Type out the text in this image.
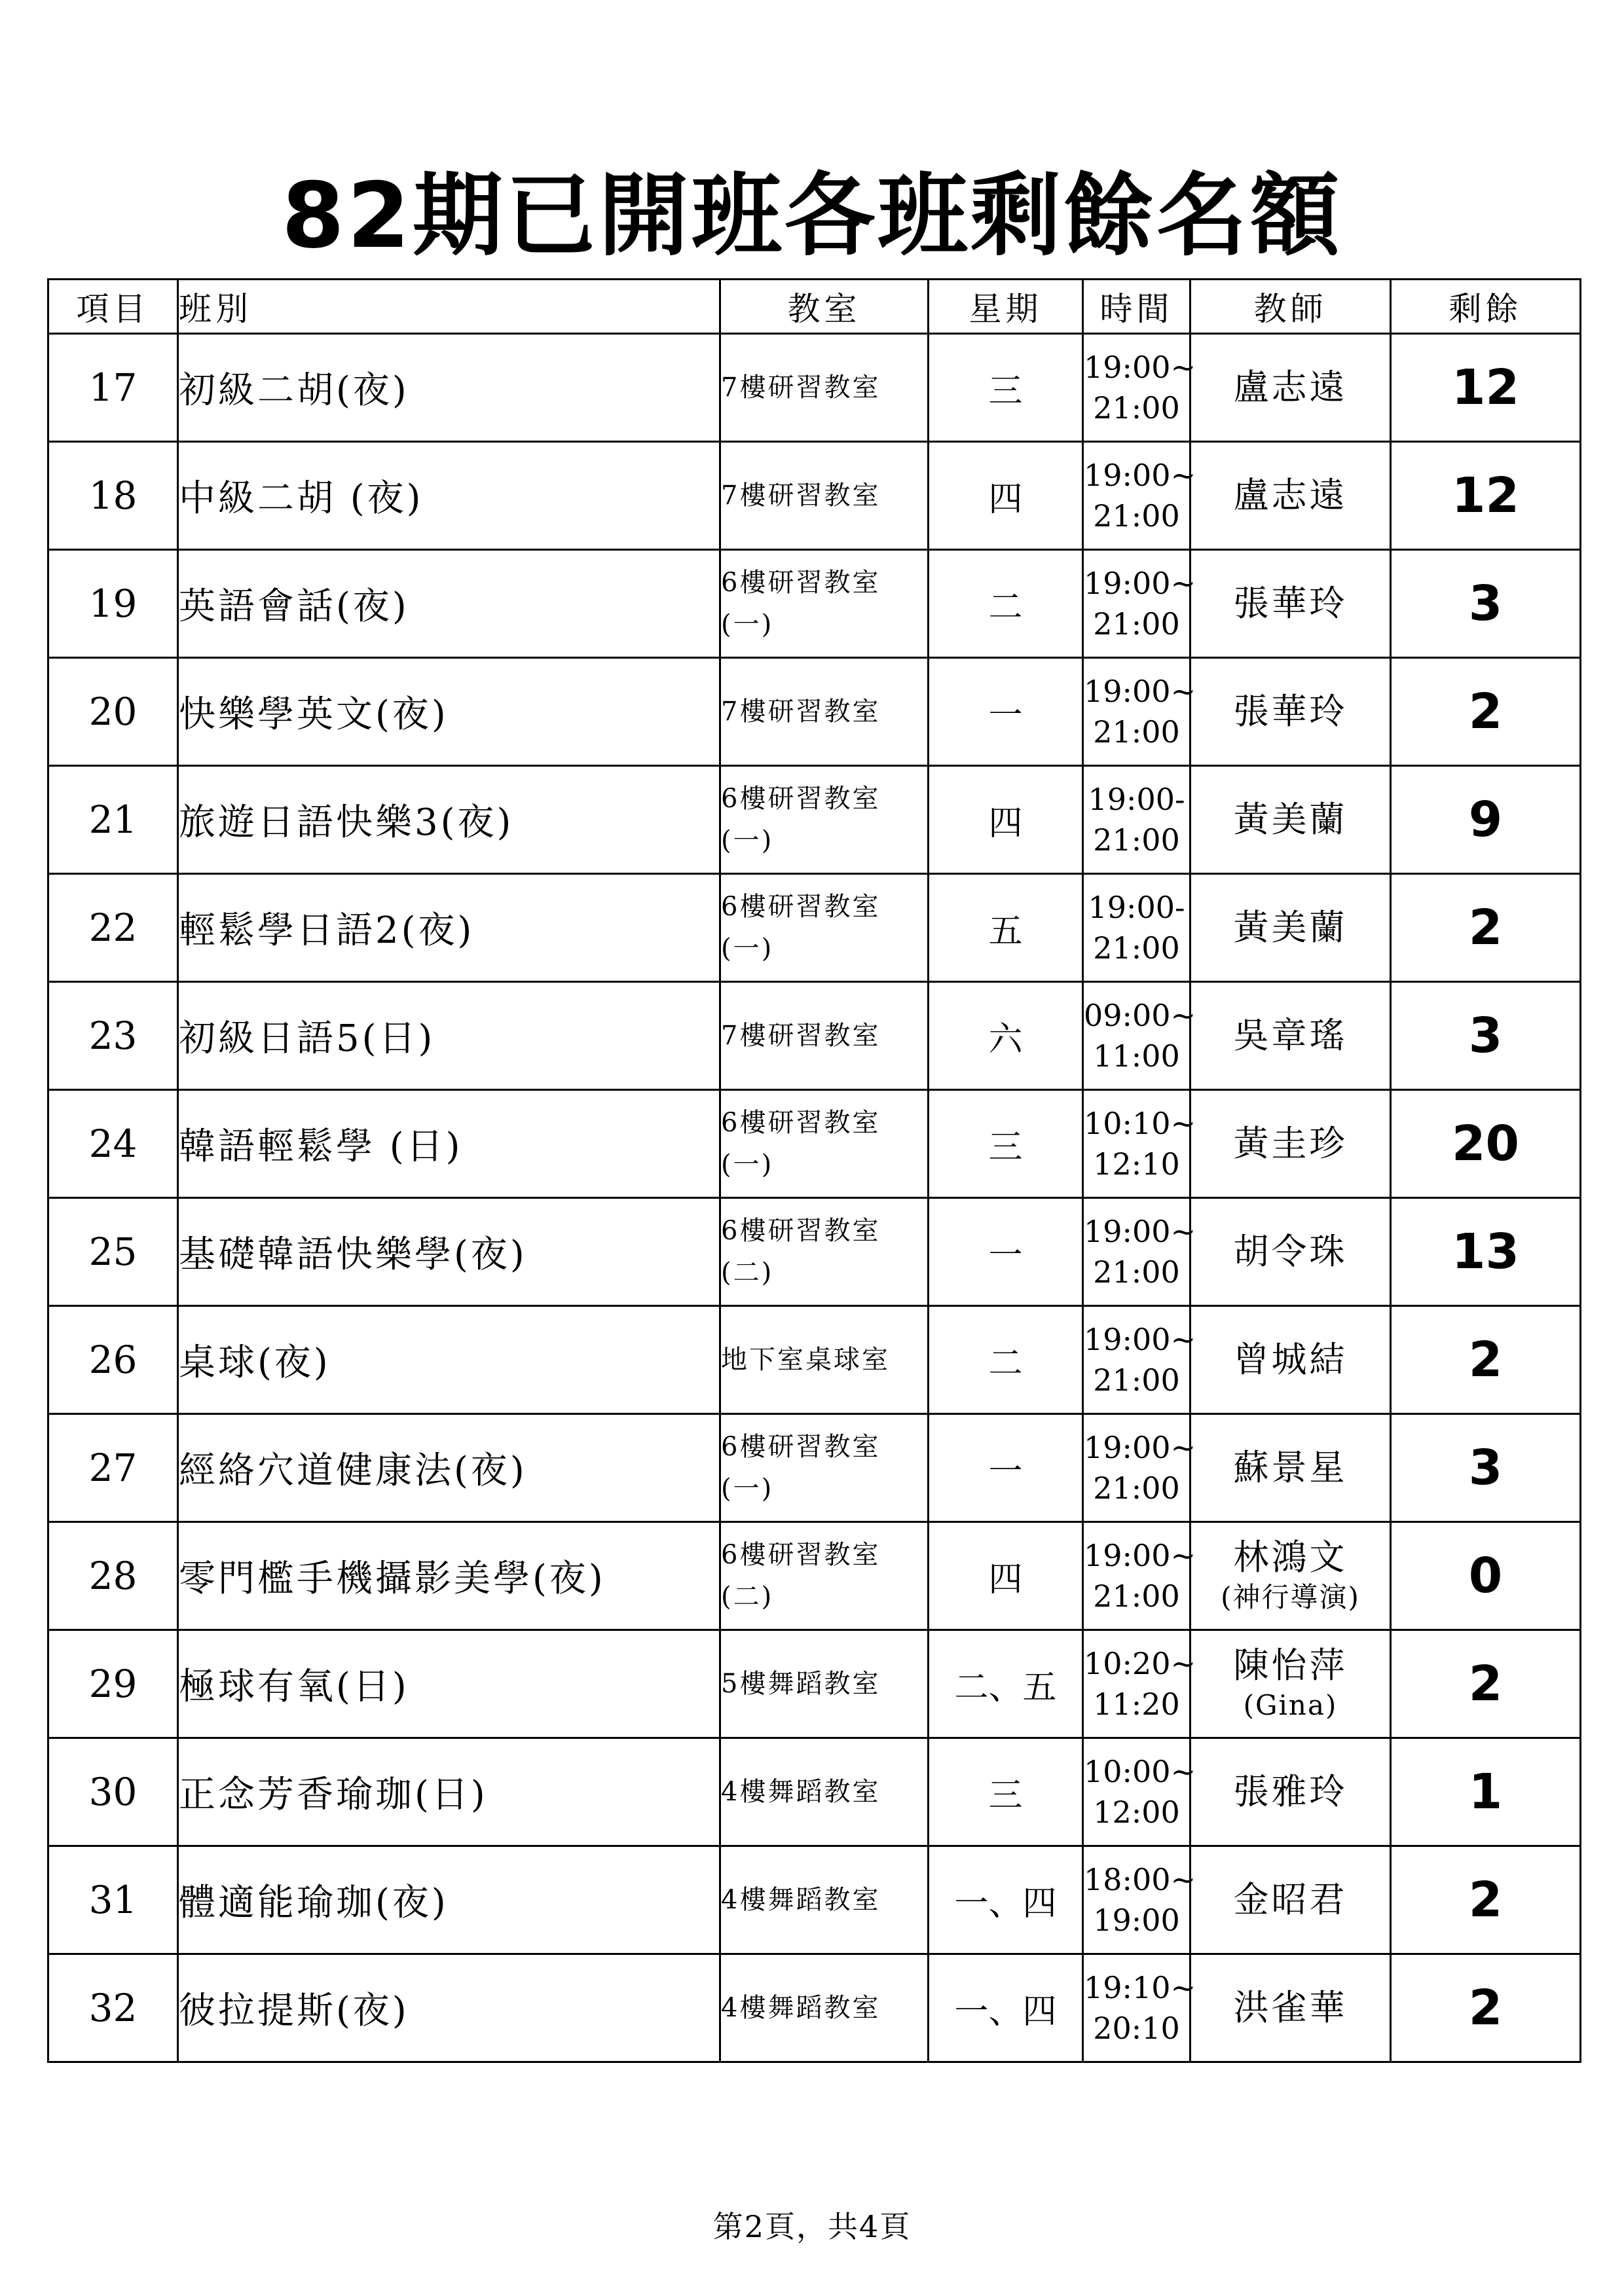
82期已開班各班剩餘名額
項目	班別	教室	星期	時間	教師	剩餘
17	初級二胡(夜)	7樓研習教室	三	19:00~
21:00	盧志遠	12
18	中級二胡 (夜)	7樓研習教室	四	19:00~
21:00	盧志遠	12
19	英語會話(夜)	6樓研習教室
(一)	二	19:00~
21:00	張華玲	3
20	快樂學英文(夜)	7樓研習教室	一	19:00~
21:00	張華玲	2
21	旅遊日語快樂3(夜)	6樓研習教室
(一)	四	19:00-
21:00	黃美蘭	9
22	輕鬆學日語2(夜)	6樓研習教室
(一)	五	19:00-
21:00	黃美蘭	2
23	初級日語5(日)	7樓研習教室	六	09:00~
11:00	吳章瑤	3
24	韓語輕鬆學 (日)	6樓研習教室
(一)	三	10:10~
12:10	黃圭珍	20
25	基礎韓語快樂學(夜)	6樓研習教室
(二)	一	19:00~
21:00	胡令珠	13
26	桌球(夜)	地下室桌球室	二	19:00~
21:00	曾城結	2
27	經絡穴道健康法(夜)	6樓研習教室
(一)	一	19:00~
21:00	蘇景星	3
28	零門檻手機攝影美學(夜)	6樓研習教室
(二)	四	19:00~
21:00	林鴻文
(神行導演)	0
29	極球有氧(日)	5樓舞蹈教室	二、五	10:20~
11:20	陳怡萍
(Gina)	2
30	正念芳香瑜珈(日)	4樓舞蹈教室	三	10:00~
12:00	張雅玲	1
31	體適能瑜珈(夜)	4樓舞蹈教室	一、四	18:00~
19:00	金昭君	2
32	彼拉提斯(夜)	4樓舞蹈教室	一、四	19:10~
20:10	洪雀華	2
第2頁，共4頁
